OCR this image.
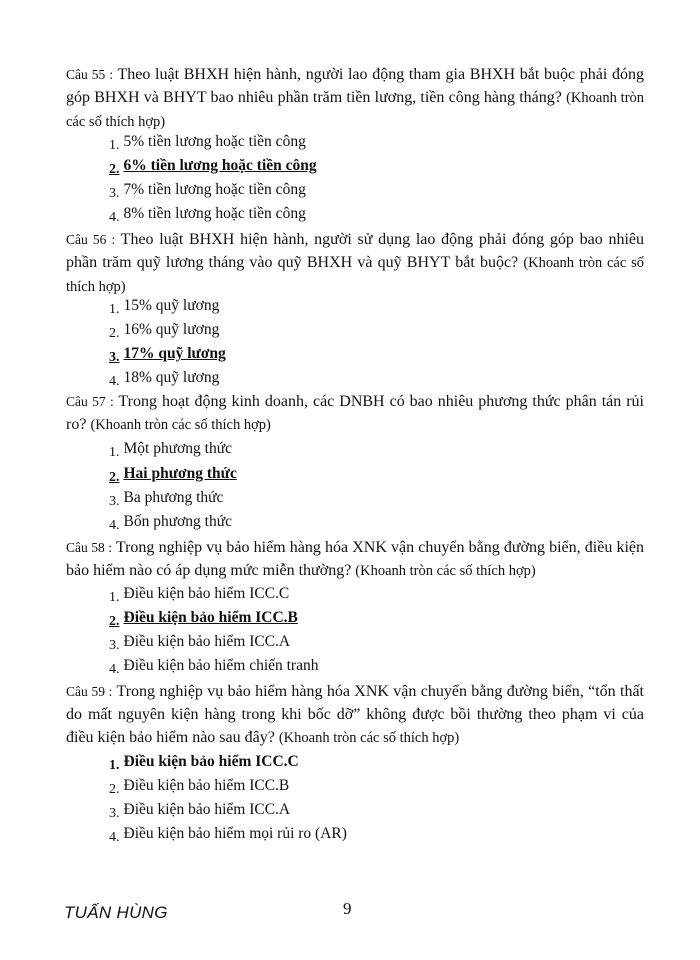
Câu 55 : Theo luật BHXH hiện hành, người lao động tham gia BHXH bắt buộc phải đóng góp BHXH và BHYT bao nhiêu phần trăm tiền lương, tiền công hàng tháng? (Khoanh tròn các số thích hợp)
1. 5% tiền lương hoặc tiền công
2. 6% tiền lương hoặc tiền công
3. 7% tiền lương hoặc tiền công
4. 8% tiền lương hoặc tiền công
Câu 56 : Theo luật BHXH hiện hành, người sử dụng lao động phải đóng góp bao nhiêu phần trăm quỹ lương tháng vào quỹ BHXH và quỹ BHYT bắt buộc? (Khoanh tròn các số thích hợp)
1. 15% quỹ lương
2. 16% quỹ lương
3. 17% quỹ lương
4. 18% quỹ lương
Câu 57 : Trong hoạt động kinh doanh, các DNBH có bao nhiêu phương thức phân tán rủi ro? (Khoanh tròn các số thích hợp)
1. Một phương thức
2. Hai phương thức
3. Ba phương thức
4. Bốn phương thức
Câu 58 : Trong nghiệp vụ bảo hiểm hàng hóa XNK vận chuyển bằng đường biển, điều kiện bảo hiểm nào có áp dụng mức miễn thường? (Khoanh tròn các số thích hợp)
1. Điều kiện bảo hiểm ICC.C
2. Điều kiện bảo hiểm ICC.B
3. Điều kiện bảo hiểm ICC.A
4. Điều kiện bảo hiểm chiến tranh
Câu 59 : Trong nghiệp vụ bảo hiểm hàng hóa XNK vận chuyển bằng đường biển, “tổn thất do mất nguyên kiện hàng trong khi bốc dỡ” không được bồi thường theo phạm vi của điều kiện bảo hiểm nào sau đây? (Khoanh tròn các số thích hợp)
1. Điều kiện bảo hiểm ICC.C
2. Điều kiện bảo hiểm ICC.B
3. Điều kiện bảo hiểm ICC.A
4. Điều kiện bảo hiểm mọi rủi ro (AR)
TUẤN HÙNG	9
